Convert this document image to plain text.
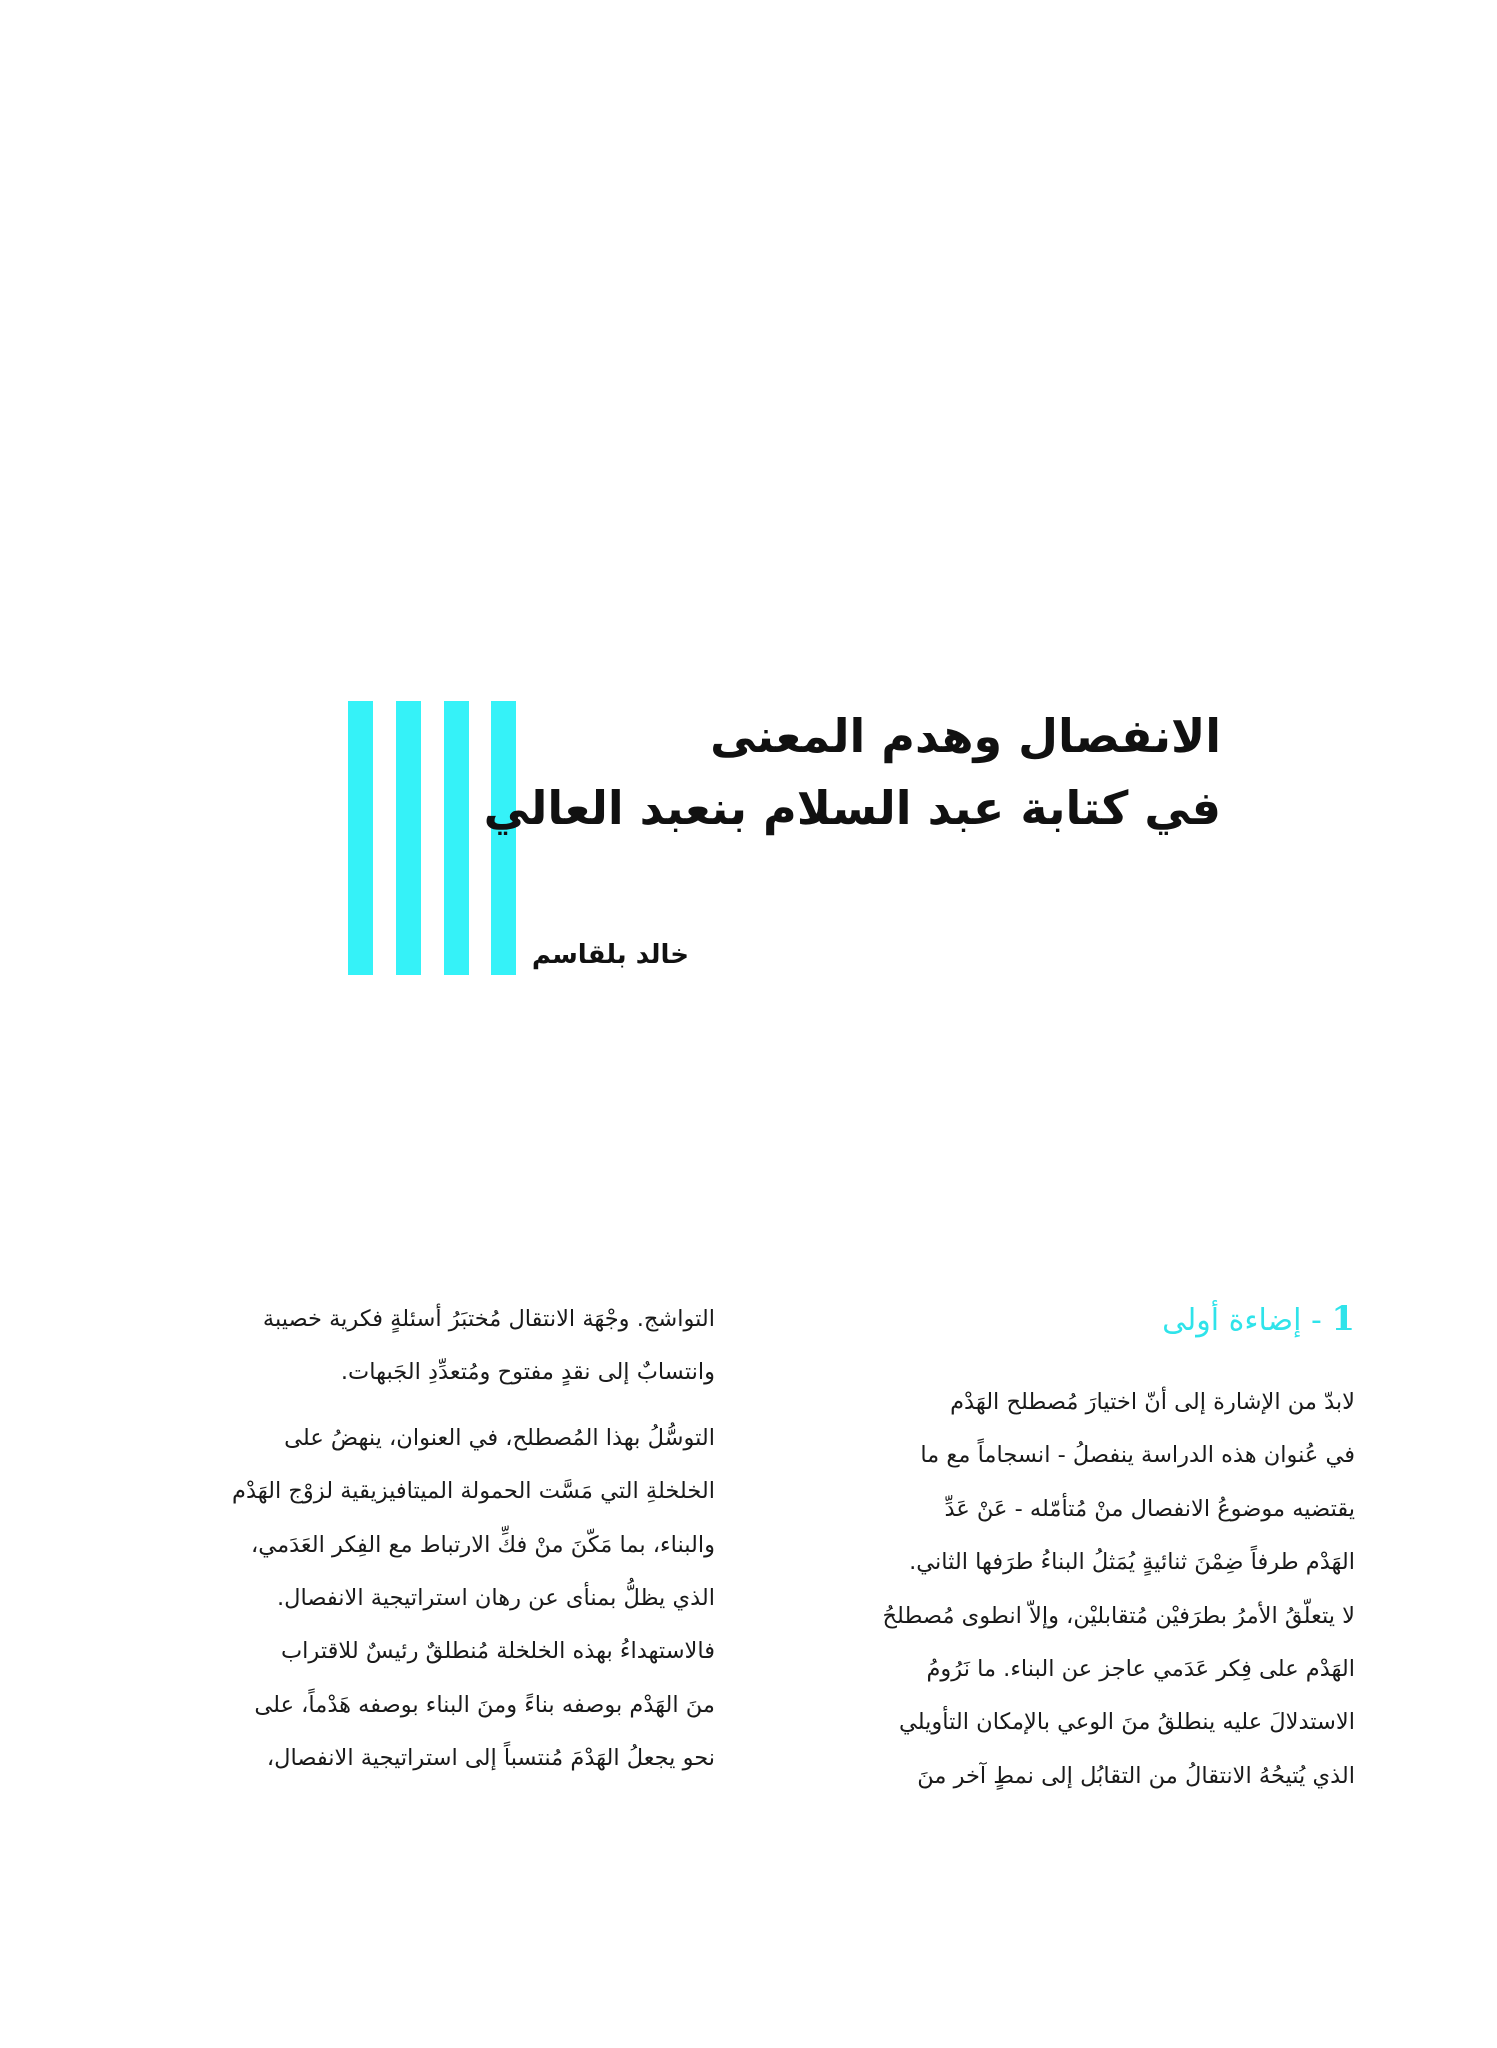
الانفصال وهدم المعنى
في كتابة عبد السلام بنعبد العالي
خالد بلقاسم
1 - إضاءة أولى
لابدّ من الإشارة إلى أنّ اختيارَ مُصطلح الهَدْم
في عُنوان هذه الدراسة ينفصلُ - انسجاماً مع ما
يقتضيه موضوعُ الانفصال منْ مُتأمّله - عَنْ عَدِّ
الهَدْم طرفاً ضِمْنَ ثنائيةٍ يُمَثلُ البناءُ طرَفها الثاني.
لا يتعلّقُ الأمرُ بطرَفيْن مُتقابليْن، وإلاّ انطوى مُصطلحُ
الهَدْم على فِكر عَدَمي عاجز عن البناء. ما نَرُومُ
الاستدلالَ عليه ينطلقُ منَ الوعي بالإمكان التأويلي
الذي يُتيحُهُ الانتقالُ من التقابُل إلى نمطٍ آخر منَ
التواشج. وجْهَة الانتقال مُختبَرُ أسئلةٍ فكرية خصيبة
وانتسابٌ إلى نقدٍ مفتوح ومُتعدِّدِ الجَبهات.
التوسُّلُ بهذا المُصطلح، في العنوان، ينهضُ على
الخلخلةِ التي مَسَّت الحمولة الميتافيزيقية لزوْج الهَدْم
والبناء، بما مَكّنَ منْ فكِّ الارتباط مع الفِكر العَدَمي،
الذي يظلُّ بمنأى عن رهان استراتيجية الانفصال.
فالاستهداءُ بهذه الخلخلة مُنطلقٌ رئيسٌ للاقتراب
منَ الهَدْم بوصفه بناءً ومنَ البناء بوصفه هَدْماً، على
نحو يجعلُ الهَدْمَ مُنتسباً إلى استراتيجية الانفصال،
